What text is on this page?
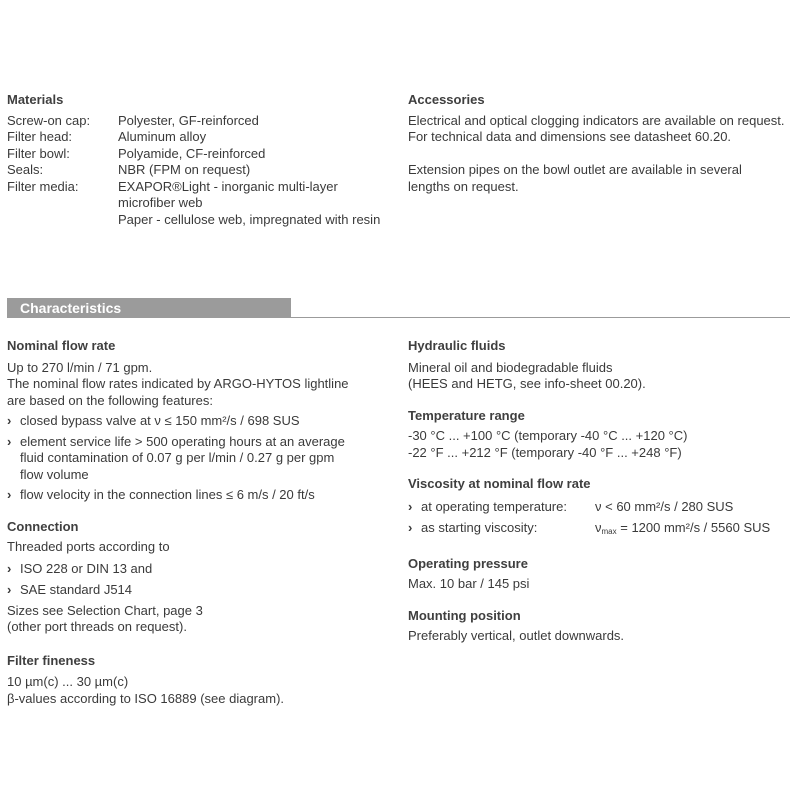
Materials
Screw-on cap:	Polyester, GF-reinforced
Filter head:	Aluminum alloy
Filter bowl:	Polyamide, CF-reinforced
Seals:	NBR (FPM on request)
Filter media:	EXAPOR®Light - inorganic multi-layer
microfiber web
Paper - cellulose web, impregnated with resin
Accessories
Electrical and optical clogging indicators are available on request.
For technical data and dimensions see datasheet 60.20.
Extension pipes on the bowl outlet are available in several
lengths on request.
Characteristics
Nominal flow rate
Up to 270 l/min / 71 gpm.
The nominal flow rates indicated by ARGO-HYTOS lightline
are based on the following features:
› closed bypass valve at ν ≤ 150 mm²/s / 698 SUS
› element service life > 500 operating hours at an average
fluid contamination of 0.07 g per l/min / 0.27 g per gpm
flow volume
› flow velocity in the connection lines ≤ 6 m/s / 20 ft/s
Connection
Threaded ports according to
› ISO 228 or DIN 13 and
› SAE standard J514
Sizes see Selection Chart, page 3
(other port threads on request).
Filter fineness
10 µm(c) ... 30 µm(c)
β-values according to ISO 16889 (see diagram).
Hydraulic fluids
Mineral oil and biodegradable fluids
(HEES and HETG, see info-sheet 00.20).
Temperature range
-30 °C ... +100 °C (temporary -40 °C ... +120 °C)
-22 °F ... +212 °F (temporary -40 °F ... +248 °F)
Viscosity at nominal flow rate
› at operating temperature: ν < 60 mm²/s / 280 SUS
› as starting viscosity:	$\nu_{max} = 1200$ mm²/s / 5560 SUS
Operating pressure
Max. 10 bar / 145 psi
Mounting position
Preferably vertical, outlet downwards.
